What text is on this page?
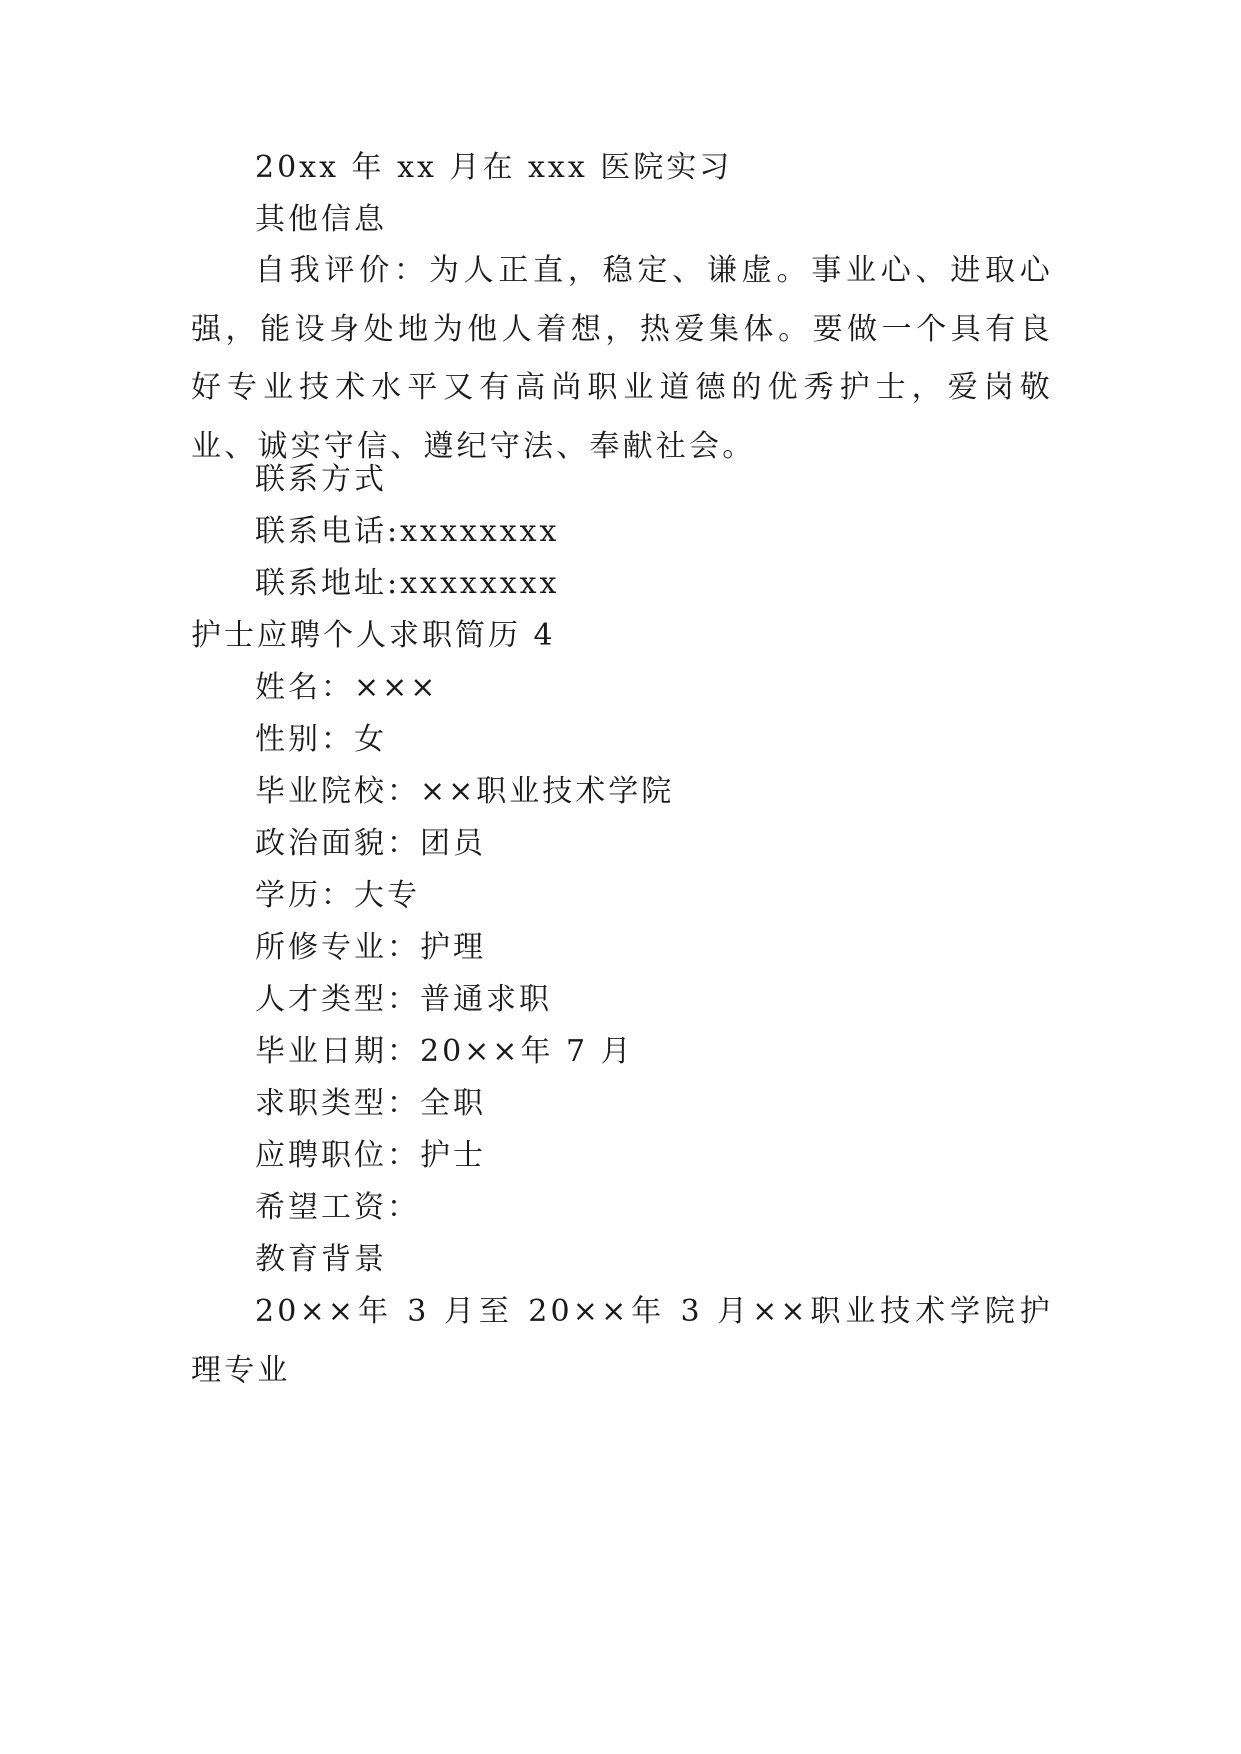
20xx 年 xx 月在 xxx 医院实习
其他信息
自我评价：为人正直，稳定、谦虚。事业心、进取心强，能设身处地为他人着想，热爱集体。要做一个具有良好专业技术水平又有高尚职业道德的优秀护士，爱岗敬业、诚实守信、遵纪守法、奉献社会。
联系方式
联系电话:xxxxxxxx
联系地址:xxxxxxxx
护士应聘个人求职简历 4
姓名：×××
性别：女
毕业院校：××职业技术学院
政治面貌：团员
学历：大专
所修专业：护理
人才类型：普通求职
毕业日期：20××年 7 月
求职类型：全职
应聘职位：护士
希望工资：
教育背景
20××年 3 月至 20××年 3 月××职业技术学院护理专业
